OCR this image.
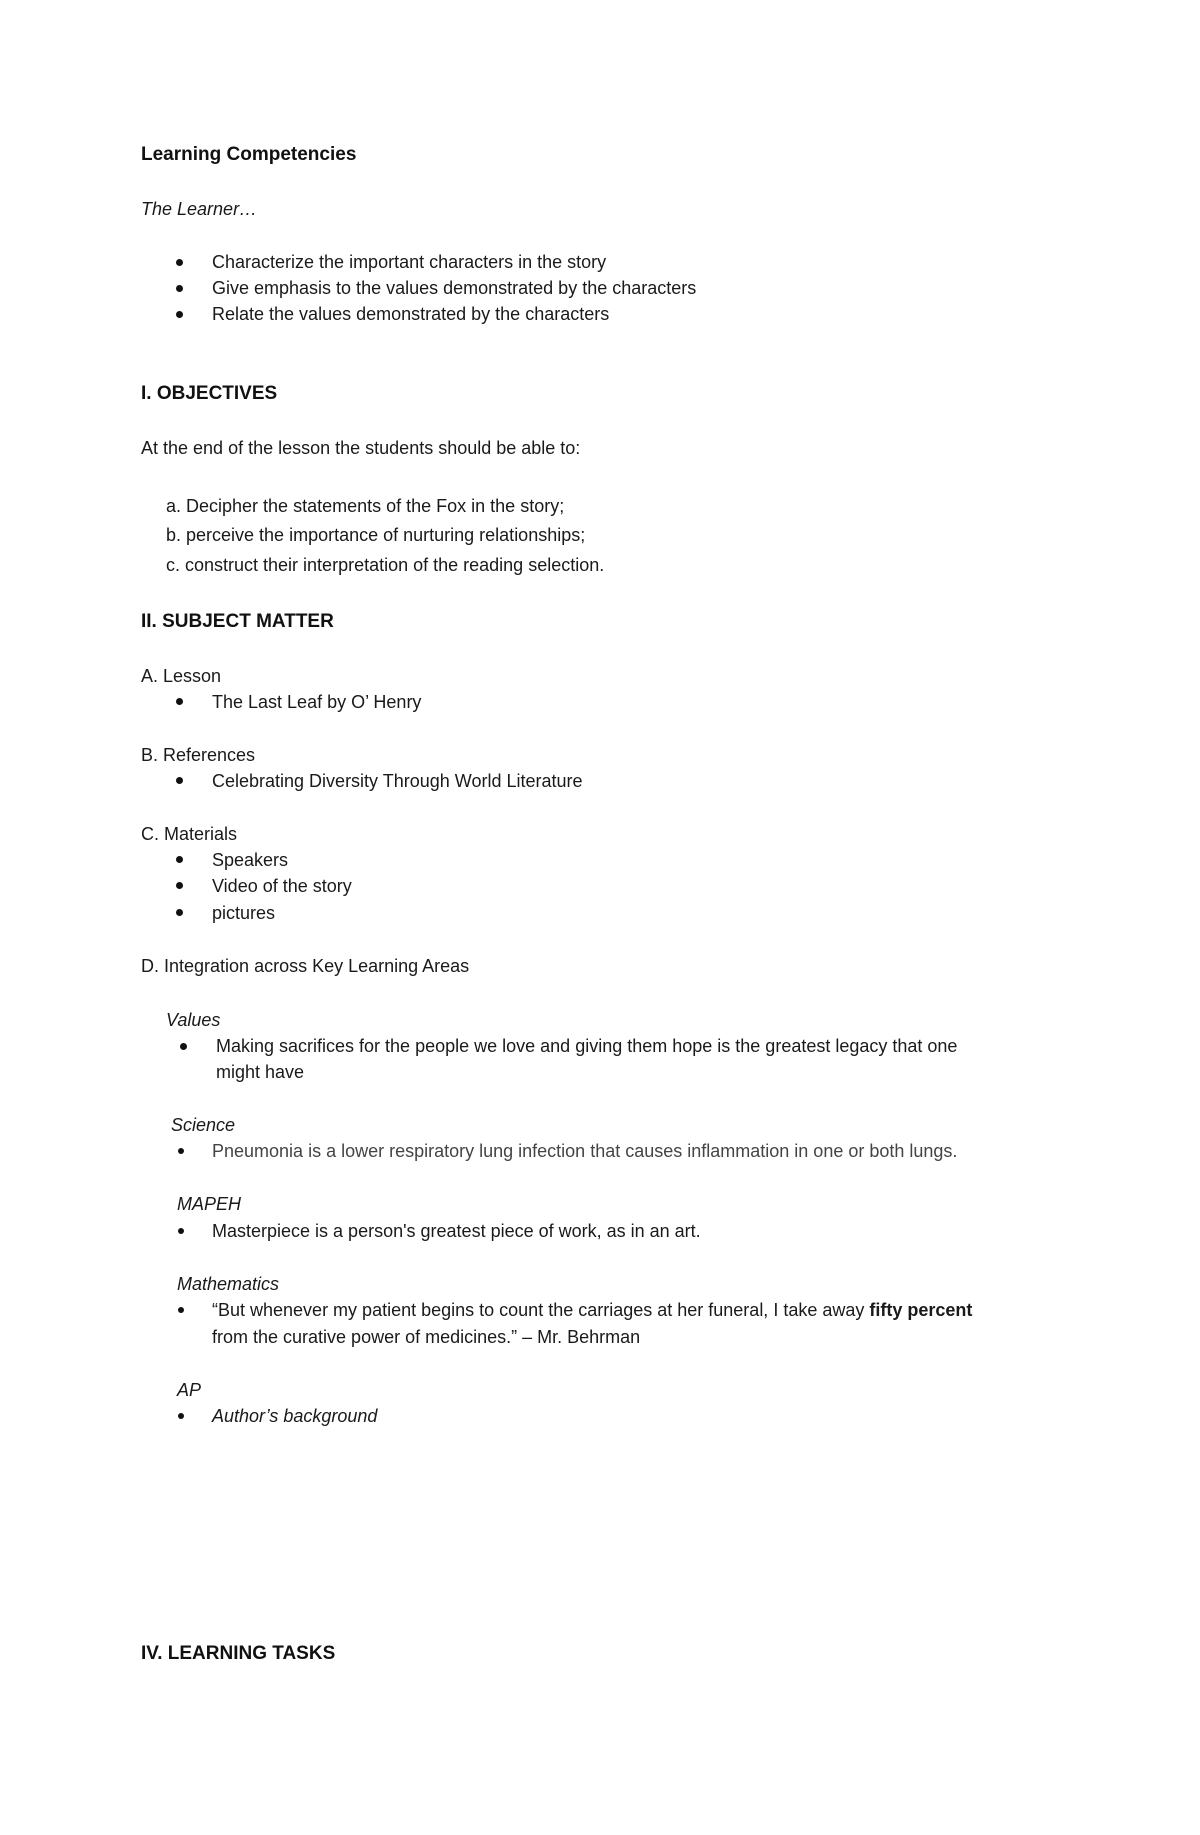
Learning Competencies
The Learner…
Characterize the important characters in the story
Give emphasis to the values demonstrated by the characters
Relate the values demonstrated by the characters
I. OBJECTIVES
At the end of the lesson the students should be able to:
a. Decipher the statements of the Fox in the story;
b. perceive the importance of nurturing relationships;
c. construct their interpretation of the reading selection.
II. SUBJECT MATTER
A. Lesson
The Last Leaf by O’ Henry
B. References
Celebrating Diversity Through World Literature
C. Materials
Speakers
Video of the story
pictures
D. Integration across Key Learning Areas
Values
Making sacrifices for the people we love and giving them hope is the greatest legacy that one
might have
Science
Pneumonia is a lower respiratory lung infection that causes inflammation in one or both lungs.
MAPEH
Masterpiece is a person's greatest piece of work, as in an art.
Mathematics
“But whenever my patient begins to count the carriages at her funeral, I take away fifty percent
from the curative power of medicines.” – Mr. Behrman
AP
Author’s background
IV. LEARNING TASKS
